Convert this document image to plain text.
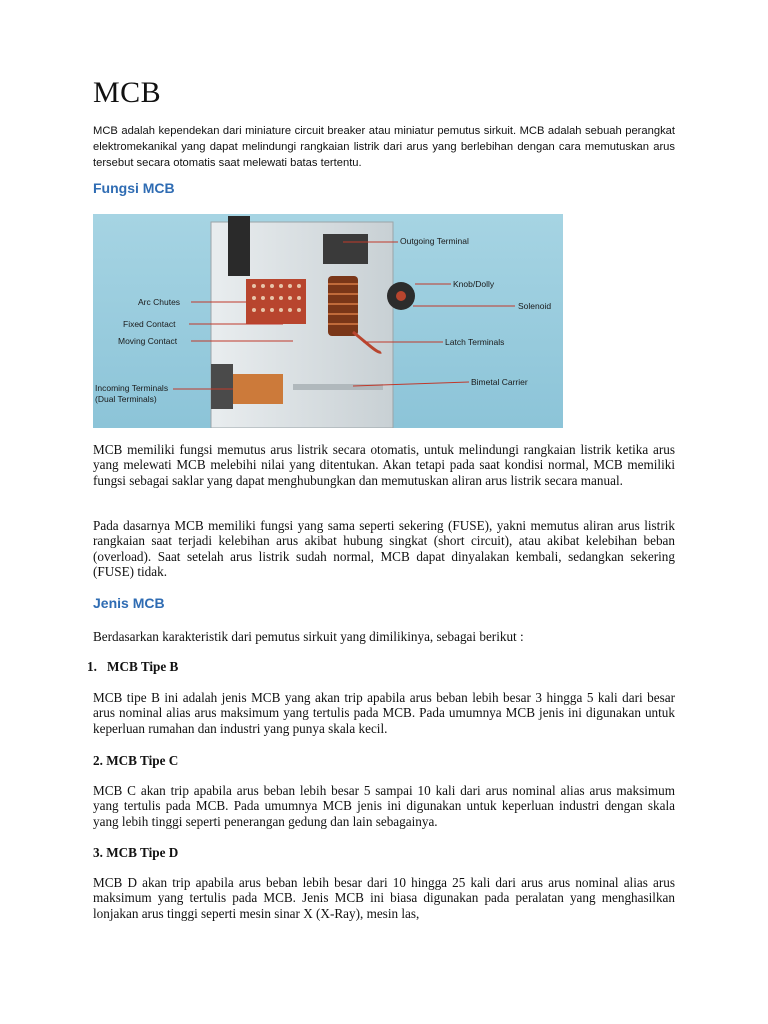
MCB

MCB adalah kependekan dari miniature circuit breaker atau miniatur pemutus sirkuit. MCB adalah sebuah perangkat elektromekanikal yang dapat melindungi rangkaian listrik dari arus yang berlebihan dengan cara memutuskan arus tersebut secara otomatis saat melewati batas tertentu.

Fungsi MCB
Outgoing Terminal
Knob/Dolly
Solenoid
Latch Terminals
Bimetal Carrier
Arc Chutes
Fixed Contact
Moving Contact
Incoming Terminals
(Dual Terminals)

MCB memiliki fungsi memutus arus listrik secara otomatis, untuk melindungi rangkaian listrik ketika arus yang melewati MCB melebihi nilai yang ditentukan. Akan tetapi pada saat kondisi normal, MCB memiliki fungsi sebagai saklar yang dapat menghubungkan dan memutuskan aliran arus listrik secara manual.

Pada dasarnya MCB memiliki fungsi yang sama seperti sekering (FUSE), yakni memutus aliran arus listrik rangkaian saat terjadi kelebihan arus akibat hubung singkat (short circuit), atau akibat kelebihan beban (overload). Saat setelah arus listrik sudah normal, MCB dapat dinyalakan kembali, sedangkan sekering (FUSE) tidak.

Jenis MCB

Berdasarkan karakteristik dari pemutus sirkuit yang dimilikinya, sebagai berikut :

1. MCB Tipe B

MCB tipe B ini adalah jenis MCB yang akan trip apabila arus beban lebih besar 3 hingga 5 kali dari besar arus nominal alias arus maksimum yang tertulis pada MCB. Pada umumnya MCB jenis ini digunakan untuk keperluan rumahan dan industri yang punya skala kecil.

2. MCB Tipe C

MCB C akan trip apabila arus beban lebih besar 5 sampai 10 kali dari arus nominal alias arus maksimum yang tertulis pada MCB. Pada umumnya MCB jenis ini digunakan untuk keperluan industri dengan skala yang lebih tinggi seperti penerangan gedung dan lain sebagainya.

3. MCB Tipe D

MCB D akan trip apabila arus beban lebih besar dari 10 hingga 25 kali dari arus arus nominal alias arus maksimum yang tertulis pada MCB. Jenis MCB ini biasa digunakan pada peralatan yang menghasilkan lonjakan arus tinggi seperti mesin sinar X (X-Ray), mesin las,
